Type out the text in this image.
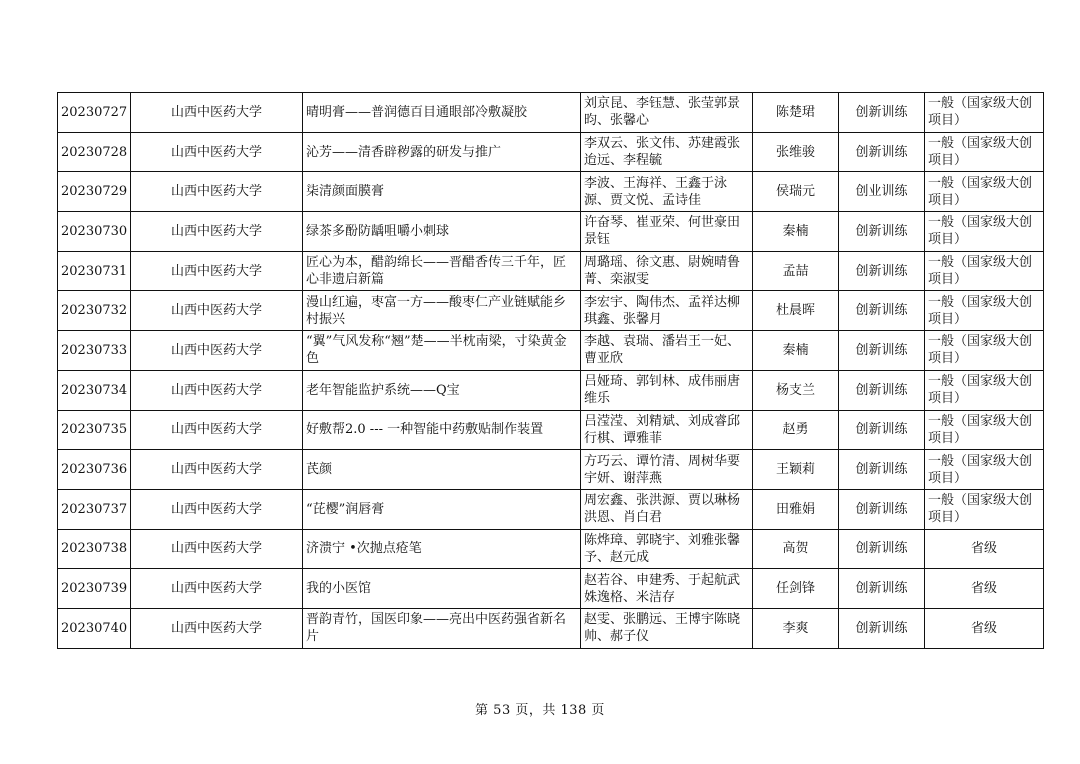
20230727	山西中医药大学	晴明膏——普润德百目通眼部冷敷凝胶	刘京昆、李钰慧、张莹郭景昀、张馨心	陈楚珺	创新训练	一般（国家级大创项目）
20230728	山西中医药大学	沁芳——清香辟秽露的研发与推广	李双云、张文伟、苏建霞张迨远、李程毓	张维骏	创新训练	一般（国家级大创项目）
20230729	山西中医药大学	柒清颜面膜膏	李波、王海祥、王鑫于泳源、贾文悦、孟诗佳	侯瑞元	创业训练	一般（国家级大创项目）
20230730	山西中医药大学	绿茶多酚防龋咀嚼小刺球	许奋琴、崔亚荣、何世豪田景钰	秦楠	创新训练	一般（国家级大创项目）
20230731	山西中医药大学	匠心为本，醋韵绵长——晋醋香传三千年，匠心非遗启新篇	周璐瑶、徐文惠、尉婉晴鲁菁、栾淑雯	孟喆	创新训练	一般（国家级大创项目）
20230732	山西中医药大学	漫山红遍，枣富一方——酸枣仁产业链赋能乡村振兴	李宏宇、陶伟杰、孟祥达柳琪鑫、张馨月	杜晨晖	创新训练	一般（国家级大创项目）
20230733	山西中医药大学	“翼”气风发称“翘”楚——半枕南梁，寸染黄金色	李越、袁瑞、潘岩王一妃、曹亚欣	秦楠	创新训练	一般（国家级大创项目）
20230734	山西中医药大学	老年智能监护系统——Q宝	吕娅琦、郭钊林、成伟丽唐维乐	杨支兰	创新训练	一般（国家级大创项目）
20230735	山西中医药大学	好敷帮2.0 --- 一种智能中药敷贴制作装置	吕滢滢、刘精斌、刘成睿邱行棋、谭雅菲	赵勇	创新训练	一般（国家级大创项目）
20230736	山西中医药大学	芪颜	方巧云、谭竹清、周树华要宇妍、谢萍燕	王颖莉	创新训练	一般（国家级大创项目）
20230737	山西中医药大学	“芘樱”润唇膏	周宏鑫、张洪源、贾以琳杨洪恩、肖白君	田雅娟	创新训练	一般（国家级大创项目）
20230738	山西中医药大学	济溃宁 •次抛点疮笔	陈烨璋、郭晓宇、刘雅张馨予、赵元成	高贺	创新训练	省级
20230739	山西中医药大学	我的小医馆	赵若谷、申建秀、于起航武姝逸格、米洁存	任剑锋	创新训练	省级
20230740	山西中医药大学	晋韵青竹，国医印象——亮出中医药强省新名片	赵雯、张鹏远、王博宇陈晓帅、郝子仪	李爽	创新训练	省级
第 53 页，共 138 页
